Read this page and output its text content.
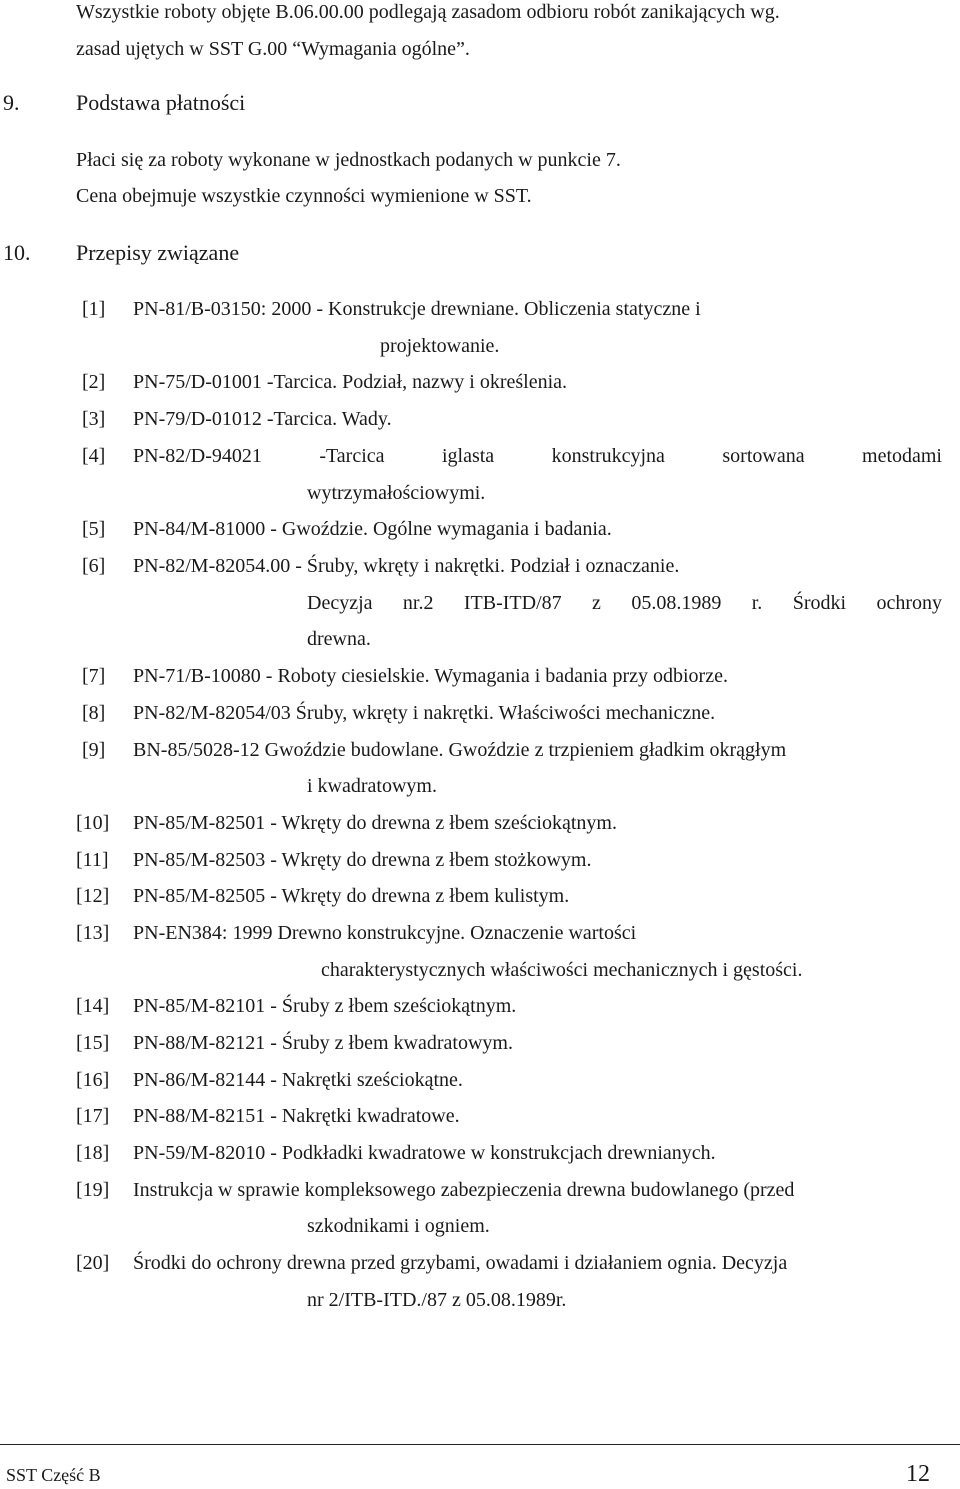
Wszystkie roboty objęte B.06.00.00 podlegają zasadom odbioru robót zanikających wg.
zasad ujętych w SST G.00 “Wymagania ogólne”.
9.	Podstawa płatności
Płaci się za roboty wykonane w jednostkach podanych w punkcie 7.
Cena obejmuje wszystkie czynności wymienione w SST.
10. Przepisy związane
[1] PN-81/B-03150: 2000 - Konstrukcje drewniane. Obliczenia statyczne i
projektowanie.
[2] PN-75/D-01001 -Tarcica. Podział, nazwy i określenia.
[3] PN-79/D-01012 -Tarcica. Wady.
[4] PN-82/D-94021 -Tarcica iglasta konstrukcyjna sortowana metodami
wytrzymałościowymi.
[5] PN-84/M-81000 - Gwoździe. Ogólne wymagania i badania.
[6] PN-82/M-82054.00 - Śruby, wkręty i nakrętki. Podział i oznaczanie.
Decyzja nr.2 ITB-ITD/87 z 05.08.1989 r. Środki ochrony
drewna.
[7] PN-71/B-10080 - Roboty ciesielskie. Wymagania i badania przy odbiorze.
[8] PN-82/M-82054/03 Śruby, wkręty i nakrętki. Właściwości mechaniczne.
[9] BN-85/5028-12 Gwoździe budowlane. Gwoździe z trzpieniem gładkim okrągłym
i kwadratowym.
[10] PN-85/M-82501 - Wkręty do drewna z łbem sześciokątnym.
[11] PN-85/M-82503 - Wkręty do drewna z łbem stożkowym.
[12] PN-85/M-82505 - Wkręty do drewna z łbem kulistym.
[13] PN-EN384: 1999 Drewno konstrukcyjne. Oznaczenie wartości
charakterystycznych właściwości mechanicznych i gęstości.
[14] PN-85/M-82101 - Śruby z łbem sześciokątnym.
[15] PN-88/M-82121 - Śruby z łbem kwadratowym.
[16] PN-86/M-82144 - Nakrętki sześciokątne.
[17] PN-88/M-82151 - Nakrętki kwadratowe.
[18] PN-59/M-82010 - Podkładki kwadratowe w konstrukcjach drewnianych.
[19] Instrukcja w sprawie kompleksowego zabezpieczenia drewna budowlanego (przed
szkodnikami i ogniem.
[20] Środki do ochrony drewna przed grzybami, owadami i działaniem ognia. Decyzja
nr 2/ITB-ITD./87 z 05.08.1989r.
SST Część B	12
